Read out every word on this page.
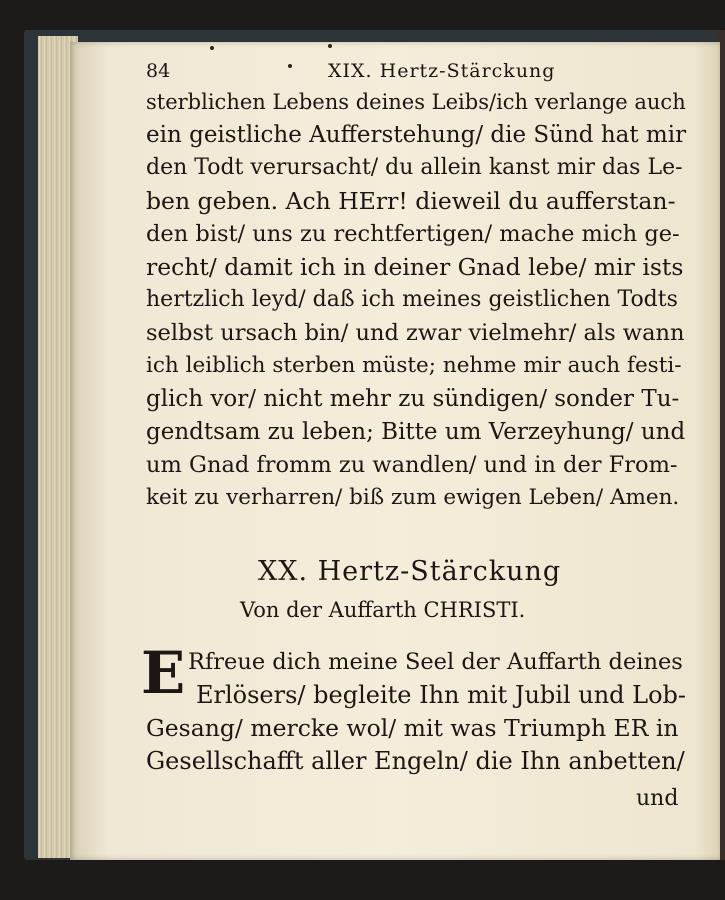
84	XIX. Hertz-Stärckung
sterblichen Lebens deines Leibs/ich verlange auch
ein geistliche Aufferstehung/ die Sünd hat mir
den Todt verursacht/ du allein kanst mir das Le-
ben geben. Ach HErr! dieweil du aufferstan-
den bist/ uns zu rechtfertigen/ mache mich ge-
recht/ damit ich in deiner Gnad lebe/ mir ists
hertzlich leyd/ daß ich meines geistlichen Todts
selbst ursach bin/ und zwar vielmehr/ als wann
ich leiblich sterben müste; nehme mir auch festi-
glich vor/ nicht mehr zu sündigen/ sonder Tu-
gendtsam zu leben; Bitte um Verzeyhung/ und
um Gnad fromm zu wandlen/ und in der From-
keit zu verharren/ biß zum ewigen Leben/ Amen.
XX. Hertz-Stärckung
Von der Auffarth CHRISTI.
E Rfreue dich meine Seel der Auffarth deines
Erlösers/ begleite Ihn mit Jubil und Lob-
Gesang/ mercke wol/ mit was Triumph ER in
Gesellschafft aller Engeln/ die Ihn anbetten/
und
